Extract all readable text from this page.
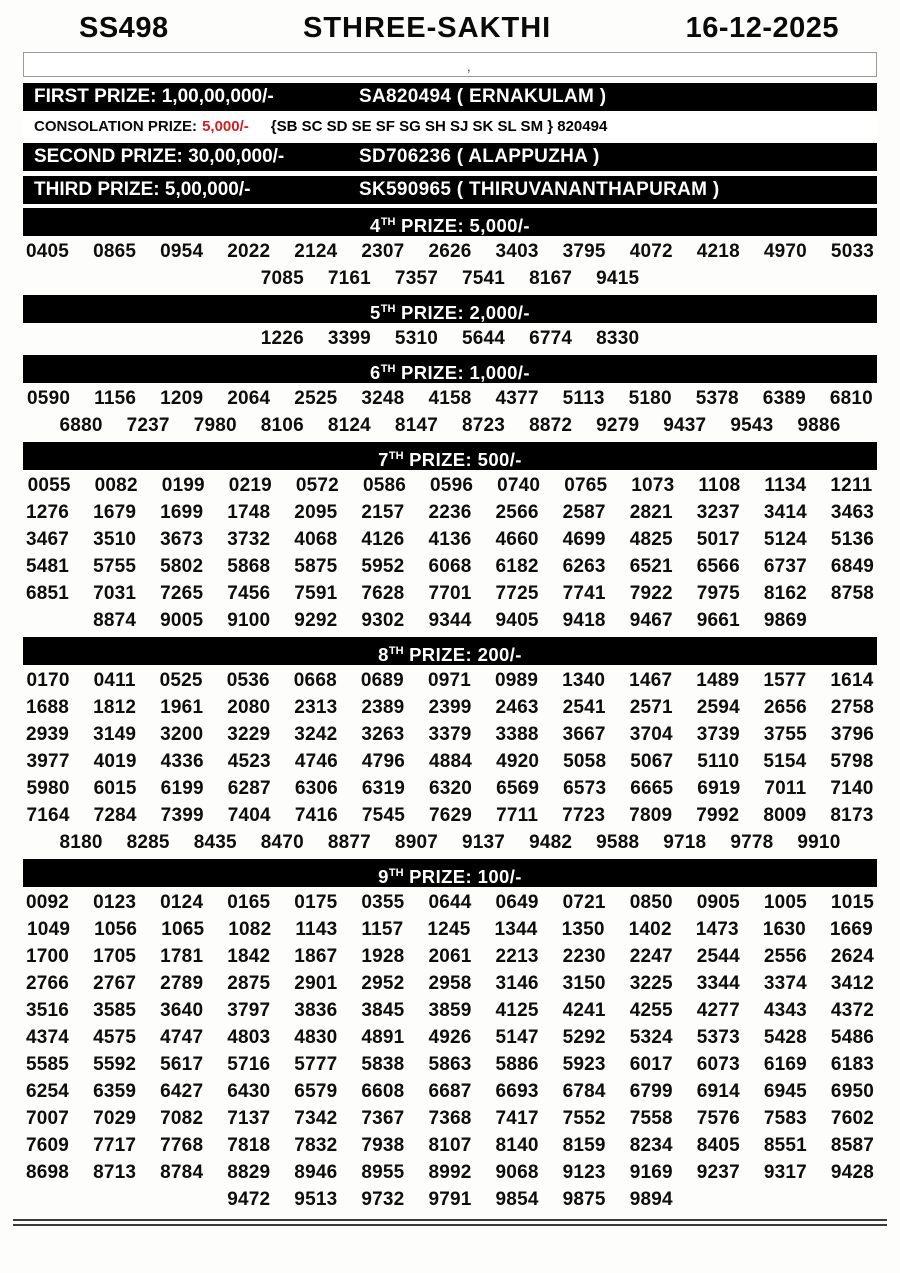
SS498	STHREE-SAKTHI	16-12-2025
,
FIRST PRIZE: 1,00,00,000/-	SA820494 ( ERNAKULAM )
CONSOLATION PRIZE: 5,000/- {SB SC SD SE SF SG SH SJ SK SL SM } 820494
SECOND PRIZE: 30,00,000/-	SD706236 ( ALAPPUZHA )
THIRD PRIZE: 5,00,000/-	SK590965 ( THIRUVANANTHAPURAM )
4TH PRIZE: 5,000/-
0405 0865 0954 2022 2124 2307 2626 3403 3795 4072 4218 4970 5033
7085 7161 7357 7541 8167 9415
5TH PRIZE: 2,000/-
1226 3399 5310 5644 6774 8330
6TH PRIZE: 1,000/-
0590 1156 1209 2064 2525 3248 4158 4377 5113 5180 5378 6389 6810
6880 7237 7980 8106 8124 8147 8723 8872 9279 9437 9543 9886
7TH PRIZE: 500/-
0055 0082 0199 0219 0572 0586 0596 0740 0765 1073 1108 1134 1211
1276 1679 1699 1748 2095 2157 2236 2566 2587 2821 3237 3414 3463
3467 3510 3673 3732 4068 4126 4136 4660 4699 4825 5017 5124 5136
5481 5755 5802 5868 5875 5952 6068 6182 6263 6521 6566 6737 6849
6851 7031 7265 7456 7591 7628 7701 7725 7741 7922 7975 8162 8758
8874 9005 9100 9292 9302 9344 9405 9418 9467 9661 9869
8TH PRIZE: 200/-
0170 0411 0525 0536 0668 0689 0971 0989 1340 1467 1489 1577 1614
1688 1812 1961 2080 2313 2389 2399 2463 2541 2571 2594 2656 2758
2939 3149 3200 3229 3242 3263 3379 3388 3667 3704 3739 3755 3796
3977 4019 4336 4523 4746 4796 4884 4920 5058 5067 5110 5154 5798
5980 6015 6199 6287 6306 6319 6320 6569 6573 6665 6919 7011 7140
7164 7284 7399 7404 7416 7545 7629 7711 7723 7809 7992 8009 8173
8180 8285 8435 8470 8877 8907 9137 9482 9588 9718 9778 9910
9TH PRIZE: 100/-
0092 0123 0124 0165 0175 0355 0644 0649 0721 0850 0905 1005 1015
1049 1056 1065 1082 1143 1157 1245 1344 1350 1402 1473 1630 1669
1700 1705 1781 1842 1867 1928 2061 2213 2230 2247 2544 2556 2624
2766 2767 2789 2875 2901 2952 2958 3146 3150 3225 3344 3374 3412
3516 3585 3640 3797 3836 3845 3859 4125 4241 4255 4277 4343 4372
4374 4575 4747 4803 4830 4891 4926 5147 5292 5324 5373 5428 5486
5585 5592 5617 5716 5777 5838 5863 5886 5923 6017 6073 6169 6183
6254 6359 6427 6430 6579 6608 6687 6693 6784 6799 6914 6945 6950
7007 7029 7082 7137 7342 7367 7368 7417 7552 7558 7576 7583 7602
7609 7717 7768 7818 7832 7938 8107 8140 8159 8234 8405 8551 8587
8698 8713 8784 8829 8946 8955 8992 9068 9123 9169 9237 9317 9428
9472 9513 9732 9791 9854 9875 9894
